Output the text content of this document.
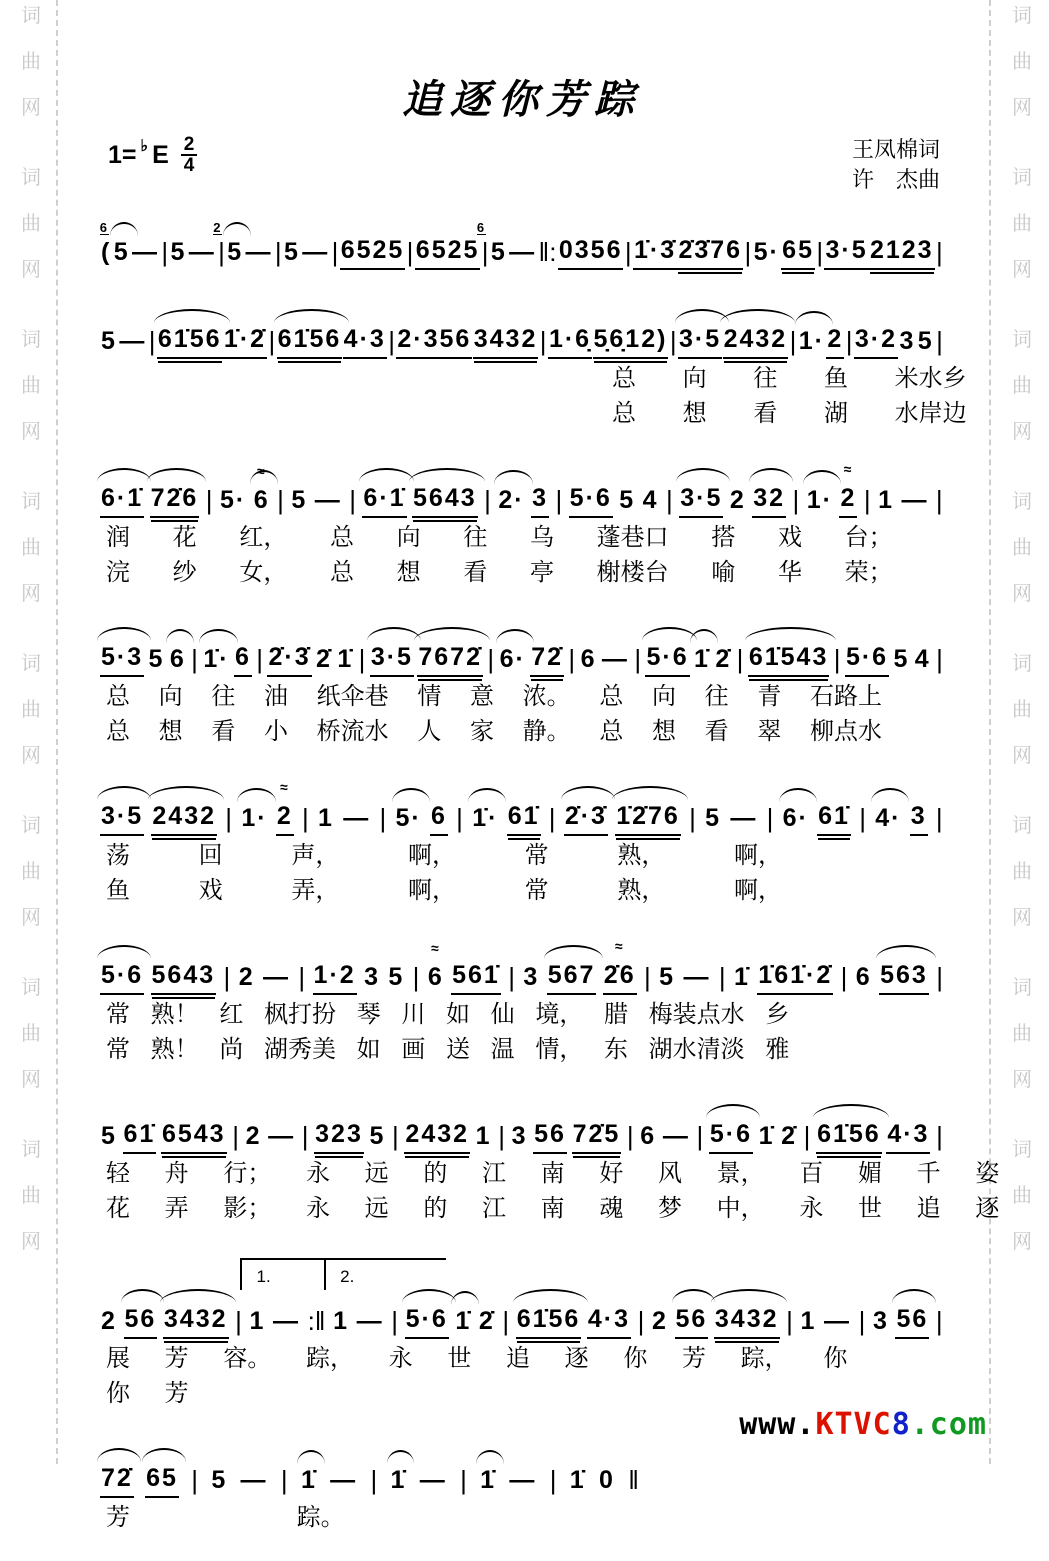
词
曲
网
词
曲
网
词
曲
网
词
曲
网
词
曲
网
词
曲
网
词
曲
网
词
曲
网
词
曲
网
词
曲
网
词
曲
网
词
曲
网
词
曲
网
词
曲
网
词
曲
网
词
曲
网
追逐你芳踪
1= ♭ E $\frac{2}{4}$	王凤棉词
许　杰曲
( 5
6
— | 5 — | 5
2
— | 5 — | 6525 | 6525 | 5
6
— ‖: 0356 | 1̇·3̇ 2̇3̇76 | 5· 65 | 3·5 2123 |
5 — | 61̇56 1̇·2̇ | 61̇56 4·3 | 2·356 3432 | 1·6̣ 5̣6̣12) | 3·5 2432 | 1· 2 | 3·2 3 5 |
总 向 往 鱼 米水乡
总 想 看 湖 水岸边
6·1̇ 72̇6 | 5· 6
≈
| 5 — | 6·1̇ 5643 | 2· 3 | 5·6 5 4 | 3·5 2 32 | 1· 2
≈
| 1 — |
润 花 红， 总 向 往 乌 蓬巷口 搭 戏 台；
浣 纱 女， 总 想 看 亭 榭楼台 喻 华 荣；
5·3 5 6 | 1̇· 6 | 2̇·3̇ 2̇ 1̇ | 3·5 7672̇ | 6· 72̇ | 6 — | 5·6 1̇ 2̇ | 61̇543 | 5·6 5 4 |
总 向 往 油 纸伞巷 情 意 浓。 总 向 往 青 石路上
总 想 看 小 桥流水 人 家 静。 总 想 看 翠 柳点水
3·5 2432 | 1· 2
≈
| 1 — | 5· 6 | 1̇· 61̇ | 2̇·3̇ 1̇2̇76 | 5 — | 6· 61̇ | 4· 3 |
荡 回 声， 啊， 常 熟， 啊，
鱼 戏 弄， 啊， 常 熟， 啊，
5·6 5643 | 2 — | 1·2 3 5 | 6
≈
561̇ | 3 567 2̇6
≈
| 5 — | 1̇ 1̇61̇·2̇ | 6 563 |
常 熟！ 红 枫打扮 琴 川 如 仙 境， 腊 梅装点水 乡
常 熟！ 尚 湖秀美 如 画 送 温 情， 东 湖水清淡 雅
5 61̇ 6543 | 2 — | 323 5 | 2432 1 | 3 56 72̇5 | 6 — | 5·6 1̇ 2̇ | 61̇56 4·3 |
轻 舟 行； 永 远 的 江 南 好 风 景， 百 媚 千 姿
花 弄 影； 永 远 的 江 南 魂 梦 中， 永 世 追 逐
2 56 3432 | 1
1.
— :‖ 1
2.
— | 5·6 1̇ 2̇ | 61̇56 4·3 | 2 56 3432 | 1 — | 3 56 |
展 芳 容。 踪， 永 世 追 逐 你 芳 踪， 你
你 芳
72̇ 65 | 5 — | 1̇ — | 1̇ — | 1̇ — | 1̇ 0 ‖
芳 踪。
www.KTVC8.com
